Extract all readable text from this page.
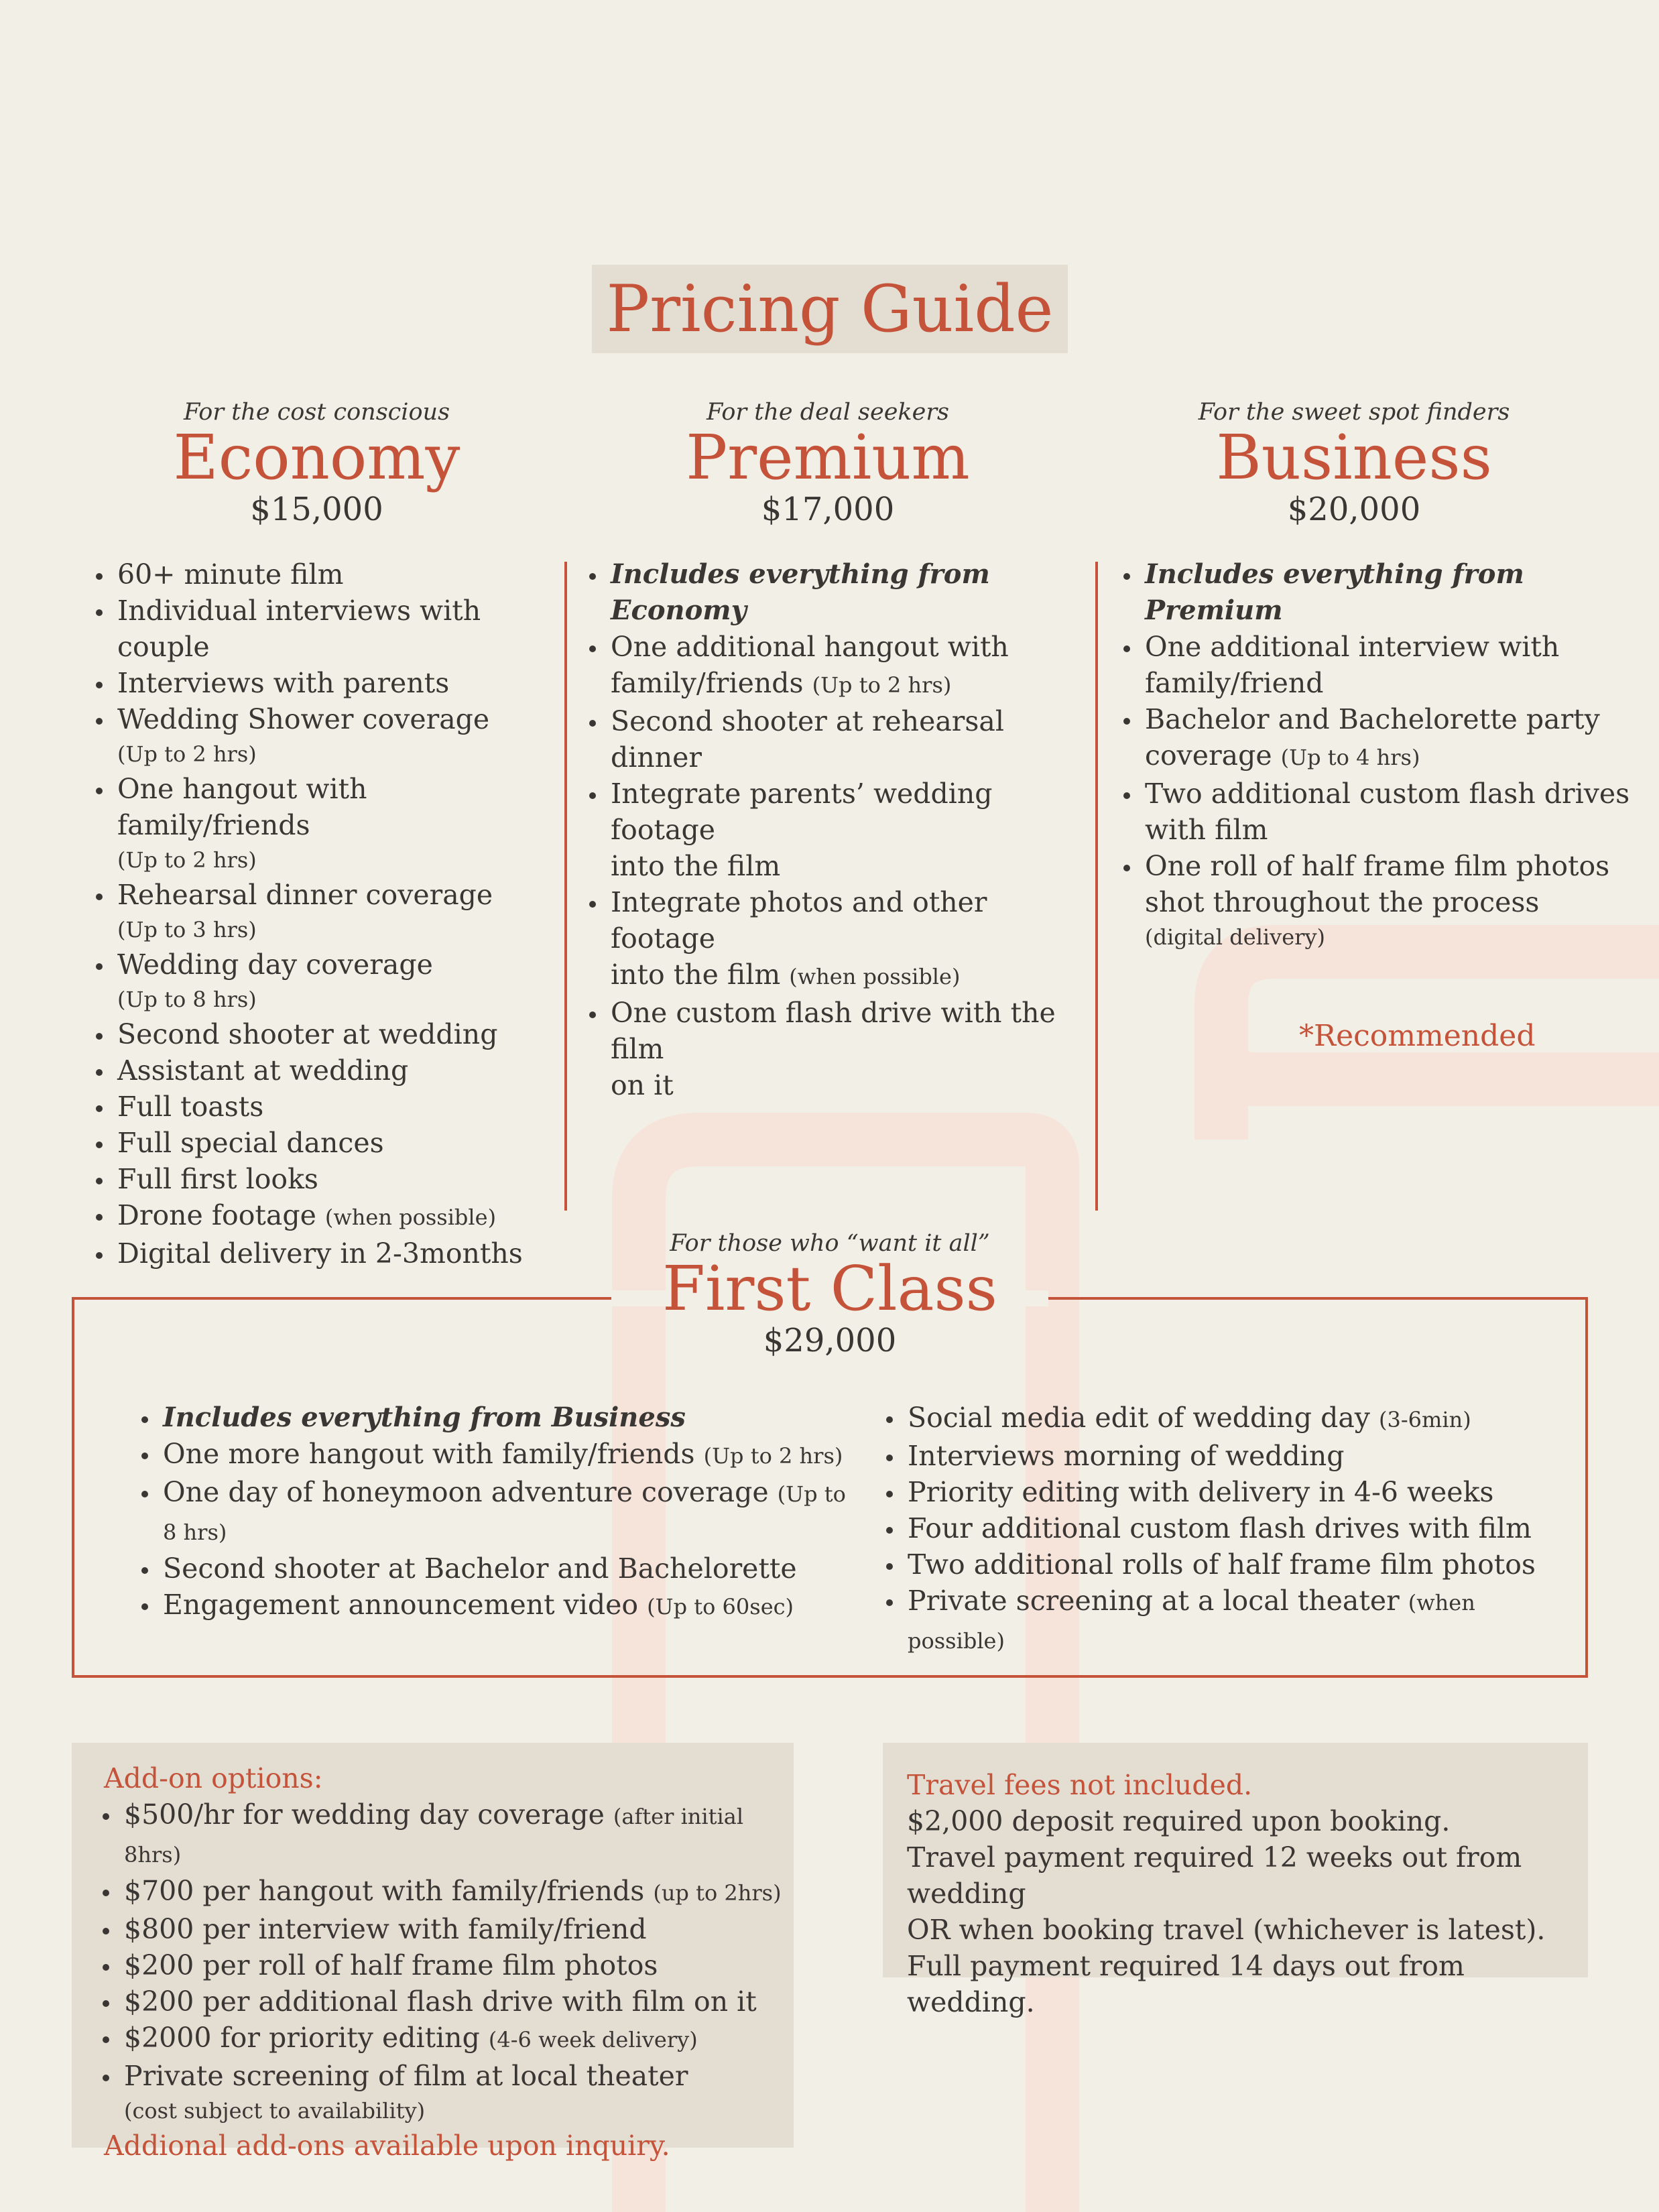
Pricing Guide
For the cost conscious
Economy
$15,000
60+ minute film
Individual interviews with couple
Interviews with parents
Wedding Shower coverage
(Up to 2 hrs)
One hangout with family/friends
(Up to 2 hrs)
Rehearsal dinner coverage
(Up to 3 hrs)
Wedding day coverage
(Up to 8 hrs)
Second shooter at wedding
Assistant at wedding
Full toasts
Full special dances
Full first looks
Drone footage (when possible)
Digital delivery in 2-3months
For the deal seekers
Premium
$17,000
Includes everything from Economy
One additional hangout with
family/friends (Up to 2 hrs)
Second shooter at rehearsal dinner
Integrate parents’ wedding footage
into the film
Integrate photos and other footage
into the film (when possible)
One custom flash drive with the film
on it
For the sweet spot finders
Business
$20,000
Includes everything from Premium
One additional interview with
family/friend
Bachelor and Bachelorette party
coverage (Up to 4 hrs)
Two additional custom flash drives
with film
One roll of half frame film photos
shot throughout the process
(digital delivery)
*Recommended
For those who “want it all”
First Class
$29,000
Includes everything from Business
One more hangout with family/friends (Up to 2 hrs)
One day of honeymoon adventure coverage (Up to 8 hrs)
Second shooter at Bachelor and Bachelorette
Engagement announcement video (Up to 60sec)
Social media edit of wedding day (3-6min)
Interviews morning of wedding
Priority editing with delivery in 4-6 weeks
Four additional custom flash drives with film
Two additional rolls of half frame film photos
Private screening at a local theater (when possible)
Add-on options:
$500/hr for wedding day coverage (after initial 8hrs)
$700 per hangout with family/friends (up to 2hrs)
$800 per interview with family/friend
$200 per roll of half frame film photos
$200 per additional flash drive with film on it
$2000 for priority editing (4-6 week delivery)
Private screening of film at local theater
(cost subject to availability)
Addional add-ons available upon inquiry.
Travel fees not included.
$2,000 deposit required upon booking.
Travel payment required 12 weeks out from wedding
OR when booking travel (whichever is latest).
Full payment required 14 days out from wedding.
